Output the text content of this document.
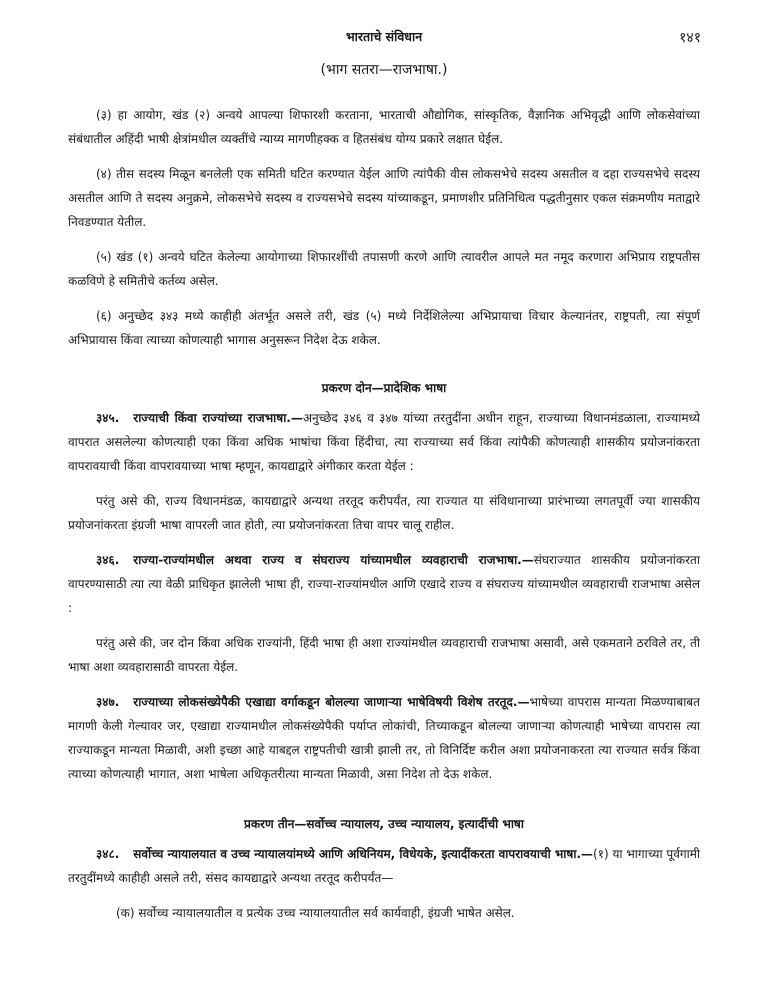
भारताचे संविधान	१४१
(भाग सतरा—राजभाषा.)

(३) हा आयोग, खंड (२) अन्वये आपल्या शिफारशी करताना, भारताची औद्योगिक, सांस्कृतिक, वैज्ञानिक अभिवृद्धी आणि लोकसेवांच्या संबंधातील अहिंदी भाषी क्षेत्रांमधील व्यक्तींचे न्याय्य मागणीहक्क व हितसंबंध योग्य प्रकारे लक्षात घेईल.

(४) तीस सदस्य मिळून बनलेली एक समिती घटित करण्यात येईल आणि त्यांपैकी वीस लोकसभेचे सदस्य असतील व दहा राज्यसभेचे सदस्य असतील आणि ते सदस्य अनुक्रमे, लोकसभेचे सदस्य व राज्यसभेचे सदस्य यांच्याकडून, प्रमाणशीर प्रतिनिधित्व पद्धतीनुसार एकल संक्रमणीय मताद्वारे निवडण्यात येतील.

(५) खंड (१) अन्वये घटित केलेल्या आयोगाच्या शिफारशींची तपासणी करणे आणि त्यावरील आपले मत नमूद करणारा अभिप्राय राष्ट्रपतीस कळविणे हे समितीचे कर्तव्य असेल.

(६) अनुच्छेद ३४३ मध्ये काहीही अंतर्भूत असले तरी, खंड (५) मध्ये निर्देशिलेल्या अभिप्रायाचा विचार केल्यानंतर, राष्ट्रपती, त्या संपूर्ण अभिप्रायास किंवा त्याच्या कोणत्याही भागास अनुसरून निदेश देऊ शकेल.

प्रकरण दोन—प्रादेशिक भाषा

३४५. राज्याची किंवा राज्यांच्या राजभाषा.—अनुच्छेद ३४६ व ३४७ यांच्या तरतुदींना अधीन राहून, राज्याच्या विधानमंडळाला, राज्यामध्ये वापरात असलेल्या कोणत्याही एका किंवा अधिक भाषांचा किंवा हिंदीचा, त्या राज्याच्या सर्व किंवा त्यांपैकी कोणत्याही शासकीय प्रयोजनांकरता वापरावयाची किंवा वापरावयाच्या भाषा म्हणून, कायद्याद्वारे अंगीकार करता येईल :

परंतु असे की, राज्य विधानमंडळ, कायद्याद्वारे अन्यथा तरतूद करीपर्यंत, त्या राज्यात या संविधानाच्या प्रारंभाच्या लगतपूर्वी ज्या शासकीय प्रयोजनांकरता इंग्रजी भाषा वापरली जात होती, त्या प्रयोजनांकरता तिचा वापर चालू राहील.

३४६. राज्या-राज्यांमधील अथवा राज्य व संघराज्य यांच्यामधील व्यवहाराची राजभाषा.—संघराज्यात शासकीय प्रयोजनांकरता वापरण्यासाठी त्या त्या वेळी प्राधिकृत झालेली भाषा ही, राज्या-राज्यांमधील आणि एखादे राज्य व संघराज्य यांच्यामधील व्यवहाराची राजभाषा असेल :

परंतु असे की, जर दोन किंवा अधिक राज्यांनी, हिंदी भाषा ही अशा राज्यांमधील व्यवहाराची राजभाषा असावी, असे एकमताने ठरविले तर, ती भाषा अशा व्यवहारासाठी वापरता येईल.

३४७. राज्याच्या लोकसंख्येपैकी एखाद्या वर्गाकडून बोलल्या जाणाऱ्या भाषेविषयी विशेष तरतूद.—भाषेच्या वापरास मान्यता मिळण्याबाबत मागणी केली गेल्यावर जर, एखाद्या राज्यामधील लोकसंख्येपैकी पर्याप्त लोकांची, तिच्याकडून बोलल्या जाणाऱ्या कोणत्याही भाषेच्या वापरास त्या राज्याकडून मान्यता मिळावी, अशी इच्छा आहे याबद्दल राष्ट्रपतीची खात्री झाली तर, तो विनिर्दिष्ट करील अशा प्रयोजनाकरता त्या राज्यात सर्वत्र किंवा त्याच्या कोणत्याही भागात, अशा भाषेला अधिकृतरीत्या मान्यता मिळावी, असा निदेश तो देऊ शकेल.

प्रकरण तीन—सर्वोच्च न्यायालय, उच्च न्यायालय, इत्यादींची भाषा

३४८. सर्वोच्च न्यायालयात व उच्च न्यायालयांमध्ये आणि अधिनियम, विधेयके, इत्यादींकरता वापरावयाची भाषा.—(१) या भागाच्या पूर्वगामी तरतुदींमध्ये काहीही असले तरी, संसद कायद्याद्वारे अन्यथा तरतूद करीपर्यंत—

(क) सर्वोच्च न्यायालयातील व प्रत्येक उच्च न्यायालयातील सर्व कार्यवाही, इंग्रजी भाषेत असेल.
